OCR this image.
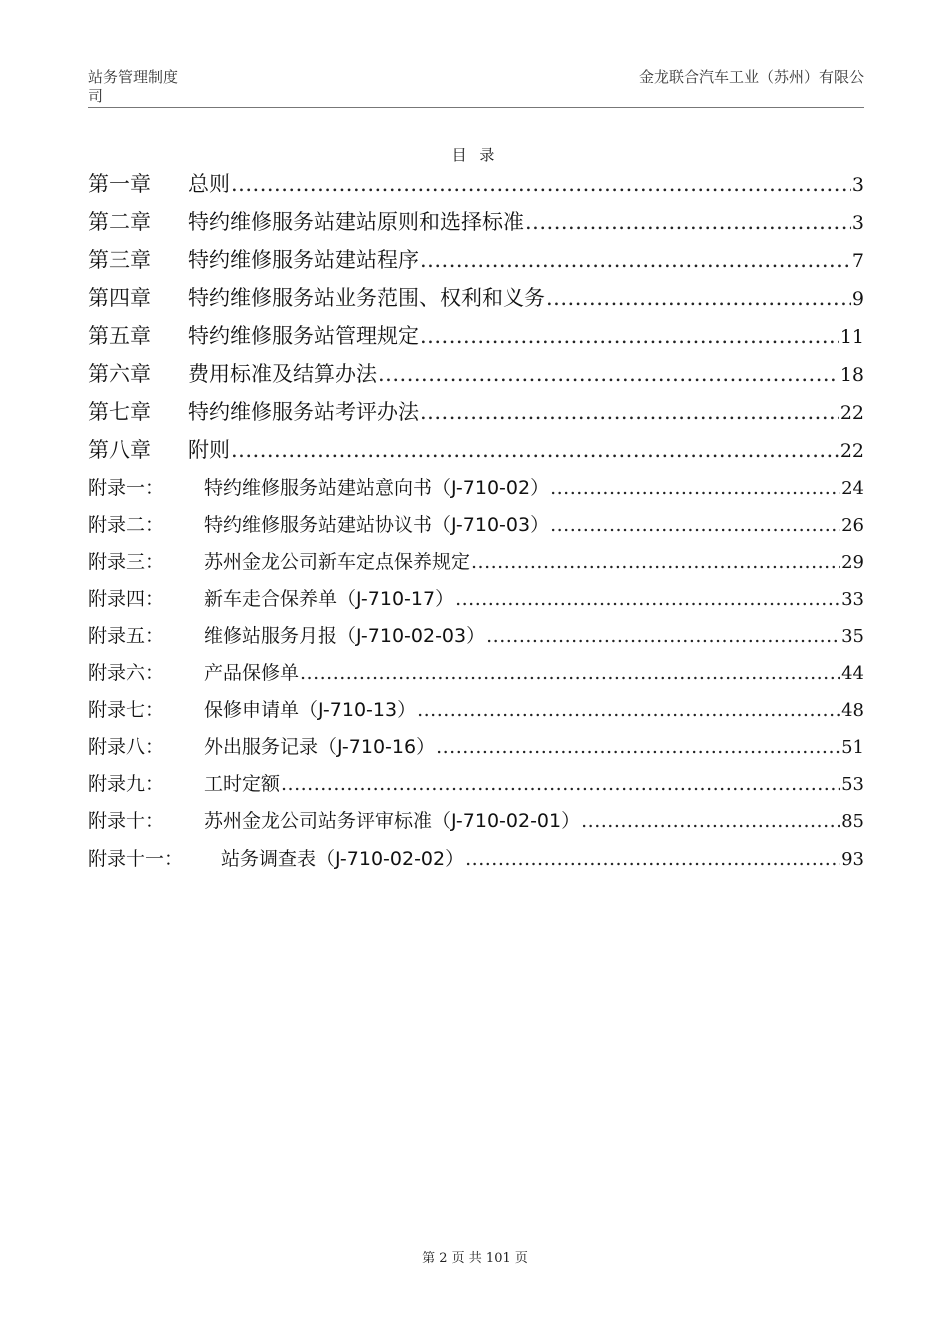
站务管理制度
司
金龙联合汽车工业（苏州）有限公
目 录
第一章	总则 .....	3
第二章	特约维修服务站建站原则和选择标准 .....	3
第三章	特约维修服务站建站程序 .....	7
第四章	特约维修服务站业务范围、权利和义务 .....	9
第五章	特约维修服务站管理规定 .....	11
第六章	费用标准及结算办法 .....	18
第七章	特约维修服务站考评办法 .....	22
第八章	附则 .....	22
附录一：	特约维修服务站建站意向书（J-710-02） .....	24
附录二：	特约维修服务站建站协议书（J-710-03） .....	26
附录三：	苏州金龙公司新车定点保养规定 .....	29
附录四：	新车走合保养单（J-710-17） .....	33
附录五：	维修站服务月报（J-710-02-03） .....	35
附录六：	产品保修单 .....	44
附录七：	保修申请单（J-710-13） .....	48
附录八：	外出服务记录（J-710-16） .....	51
附录九：	工时定额 .....	53
附录十：	苏州金龙公司站务评审标准（J-710-02-01） .....	85
附录十一：	站务调查表（J-710-02-02） .....	93
第 2 页 共 101 页
